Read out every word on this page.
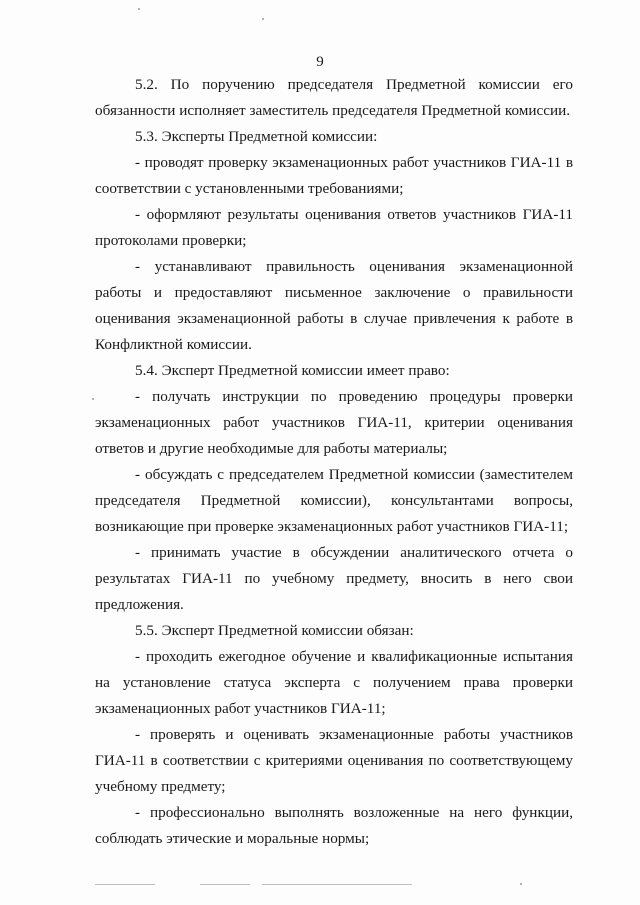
9

5.2. По поручению председателя Предметной комиссии его обязанности исполняет заместитель председателя Предметной комиссии.

5.3. Эксперты Предметной комиссии:

- проводят проверку экзаменационных работ участников ГИА-11 в соответствии с установленными требованиями;

- оформляют результаты оценивания ответов участников ГИА-11 протоколами проверки;

- устанавливают правильность оценивания экзаменационной работы и предоставляют письменное заключение о правильности оценивания экзаменационной работы в случае привлечения к работе в Конфликтной комиссии.

5.4. Эксперт Предметной комиссии имеет право:

- получать инструкции по проведению процедуры проверки экзаменационных работ участников ГИА-11, критерии оценивания ответов и другие необходимые для работы материалы;

- обсуждать с председателем Предметной комиссии (заместителем председателя Предметной комиссии), консультантами вопросы, возникающие при проверке экзаменационных работ участников ГИА-11;

- принимать участие в обсуждении аналитического отчета о результатах ГИА-11 по учебному предмету, вносить в него свои предложения.

5.5. Эксперт Предметной комиссии обязан:

- проходить ежегодное обучение и квалификационные испытания на установление статуса эксперта с получением права проверки экзаменационных работ участников ГИА-11;

- проверять и оценивать экзаменационные работы участников ГИА-11 в соответствии с критериями оценивания по соответствующему учебному предмету;

- профессионально выполнять возложенные на него функции, соблюдать этические и моральные нормы;
